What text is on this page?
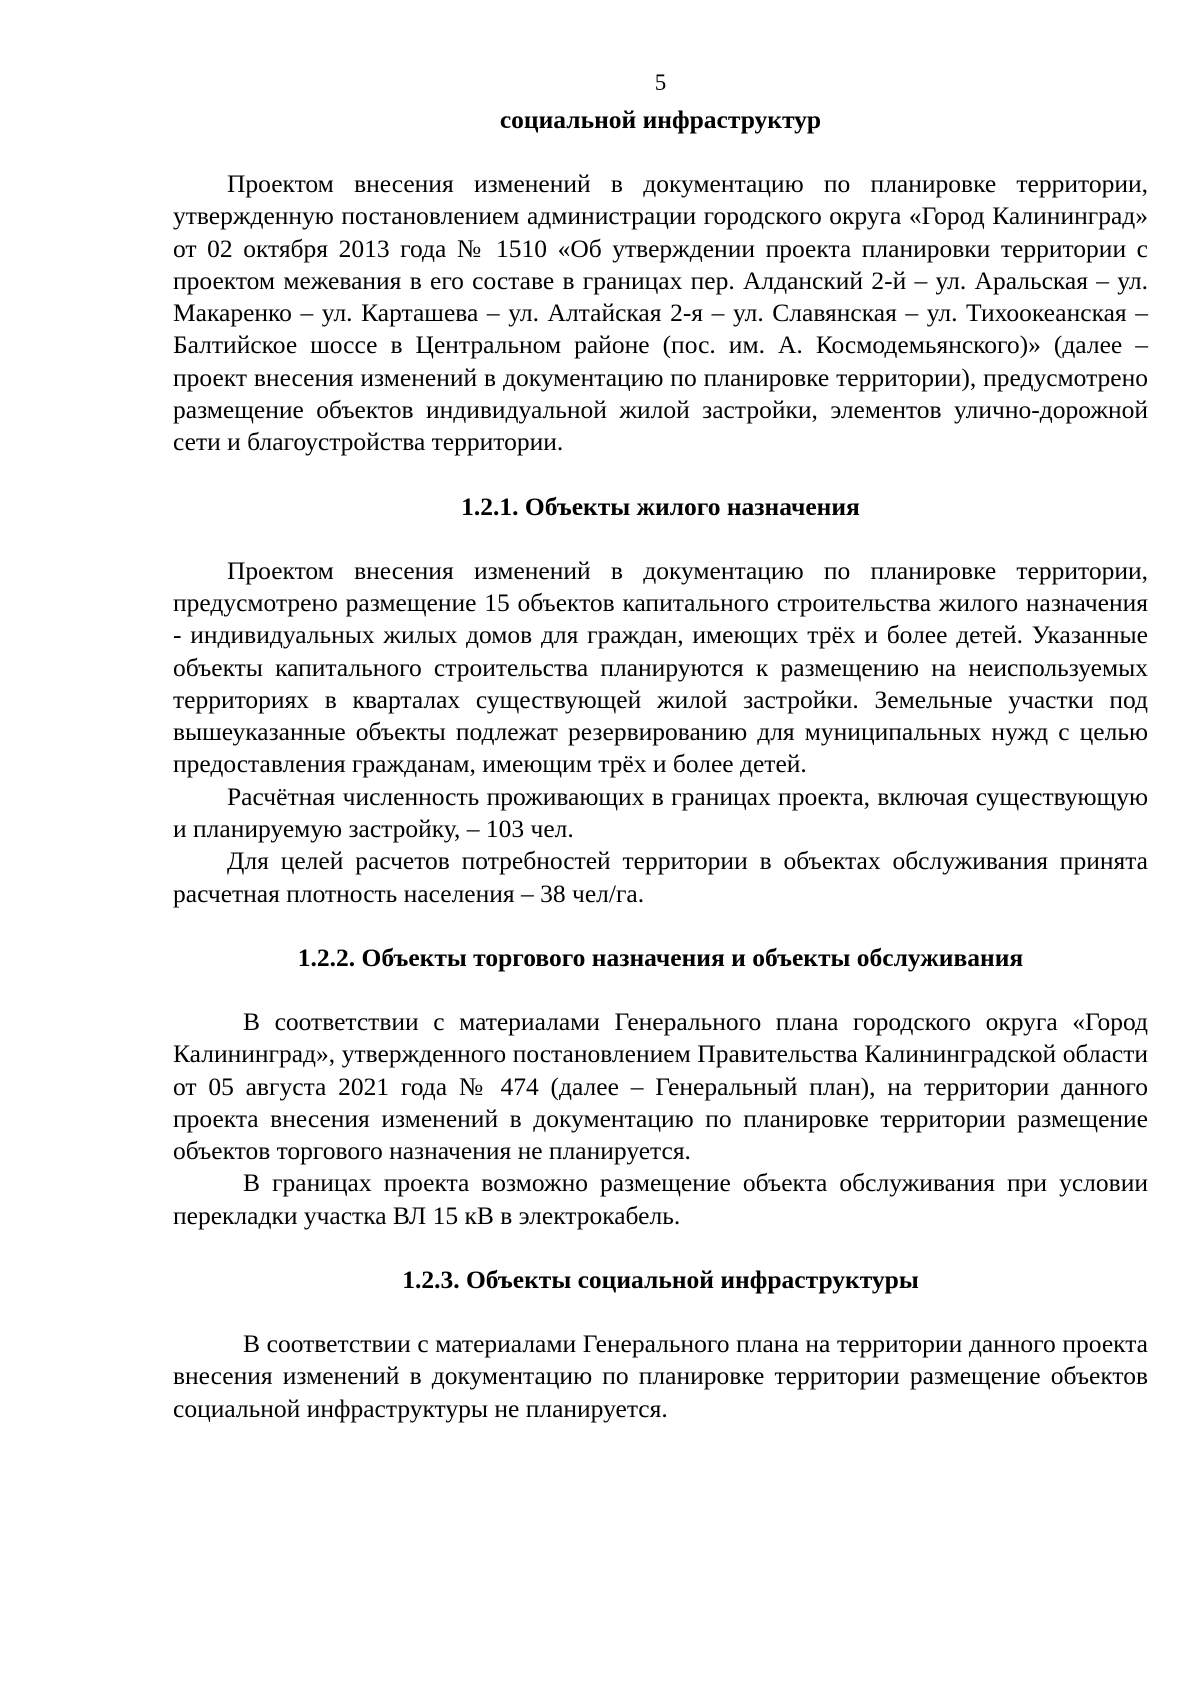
5

социальной инфраструктур

Проектом внесения изменений в документацию по планировке территории, утвержденную постановлением администрации городского округа «Город Калининград» от 02 октября 2013 года № 1510 «Об утверждении проекта планировки территории с проектом межевания в его составе в границах пер. Алданский 2-й – ул. Аральская – ул. Макаренко – ул. Карташева – ул. Алтайская 2-я – ул. Славянская – ул. Тихоокеанская – Балтийское шоссе в Центральном районе (пос. им. А. Космодемьянского)» (далее – проект внесения изменений в документацию по планировке территории), предусмотрено размещение объектов индивидуальной жилой застройки, элементов улично-дорожной сети и благоустройства территории.

1.2.1. Объекты жилого назначения

Проектом внесения изменений в документацию по планировке территории, предусмотрено размещение 15 объектов капитального строительства жилого назначения - индивидуальных жилых домов для граждан, имеющих трёх и более детей. Указанные объекты капитального строительства планируются к размещению на неиспользуемых территориях в кварталах существующей жилой застройки. Земельные участки под вышеуказанные объекты подлежат резервированию для муниципальных нужд с целью предоставления гражданам, имеющим трёх и более детей.

Расчётная численность проживающих в границах проекта, включая существующую и планируемую застройку, – 103 чел.

Для целей расчетов потребностей территории в объектах обслуживания принята расчетная плотность населения – 38 чел/га.

1.2.2. Объекты торгового назначения и объекты обслуживания

В соответствии с материалами Генерального плана городского округа «Город Калининград», утвержденного постановлением Правительства Калининградской области от 05 августа 2021 года № 474 (далее – Генеральный план), на территории данного проекта внесения изменений в документацию по планировке территории размещение объектов торгового назначения не планируется.

В границах проекта возможно размещение объекта обслуживания при условии перекладки участка ВЛ 15 кВ в электрокабель.

1.2.3. Объекты социальной инфраструктуры

В соответствии с материалами Генерального плана на территории данного проекта внесения изменений в документацию по планировке территории размещение объектов социальной инфраструктуры не планируется.
